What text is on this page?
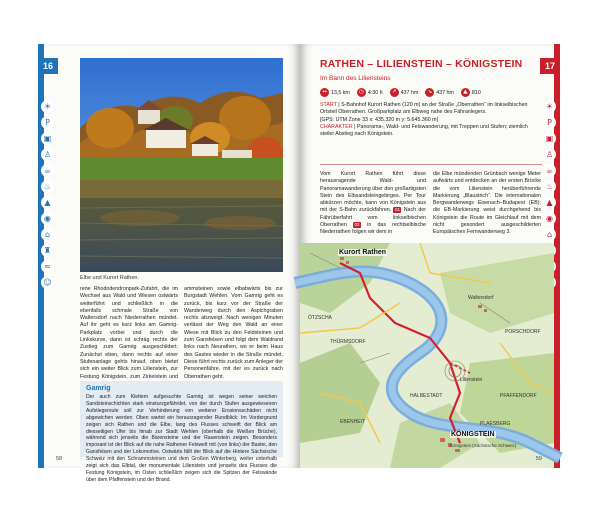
16
☀
P
▣
♙
☕
♨
▲
◉
⌂
♜
≈
☺	Elbe und Kurort Rathen.
rene Rhododendronpark-Zufahrt, die im Wechsel aus Wald und Wiesen ostwärts weiterführt und schließlich in die ebenfalls schmale Straße von Waltersdorf nach Niederrathen mündet. Auf ihr geht es kurz links am Gamrig-Parkplatz vorbei und durch die Linkskurve, dann ist schräg rechts der Zustieg zum Gamrig ausgeschildert: Zunächst eben, dann rechts auf einer Stufenanlage gehts hinauf, oben bietet sich ein weiter Blick zum Lilienstein, zur Festung Königstein, zum Zirkelstein und
ammsteinen sowie elbabwärts bis zur Burgstadt Wehlen. Vom Gamrig geht es zurück, bis kurz vor der Straße der Wanderweg durch den Aspichgraben rechts abzweigt. Nach wenigen Minuten verlässt der Weg den Wald an einer Wiese mit Blick zu den Feldsteinen und zum Gansfelsen und folgt dem Waldrand links nach Neurathen, wo er beim Haus des Gastes wieder in die Straße mündet. Diese führt rechts zurück zum Anleger der Personenfähre, mit der es zurück nach Oberrathen geht.
Gamrig
Der auch zum Klettern aufgesuchte Gamrig ist wegen seiner weichen Sandsteinschichten stark einsturzgefährdet, von der durch Stufen ausgewiesenen Aufstiegsroute soll zur Verhinderung von weiterer Erosionsschäden nicht abgewichen werden. Oben wartet ein herausragender Rundblick: Im Vordergrund zeigen sich Rathen und die Elbe, lang des Flusses schweift der Blick am diesseitigen Ufer bis hinab zur Stadt Wehlen (oberhalb die Weißen Brüche), während sich jenseits die Bärensteine und der Rauenstein zeigen. Besonders imposant ist der Blick auf die nahe Rathener Felswelt mit (von links) der Bastei, den Gansfelsen und der Lokomotive. Ostwärts fällt der Blick auf die Hintere Sächsische Schweiz mit den Schrammsteinen und dem Großen Winterberg, weiter unterhalb zeigt sich das Elbtal, der monumentale Lilienstein und jenseits des Flusses die Festung Königstein, im Osten schließlich zeigen sich die Spitzen der Felswände über dem Pfaffenstein und der Brand.
58
17
☀
P
▣
♙
☕
♨
▲
◉
⌂
RATHEN – LILIENSTEIN – KÖNIGSTEIN
Im Bann des Liliensteins
↔ 13,5 km	◷ 4:30 h	↗ 437 hm	↘ 437 hm	▲ 810
START | S-Bahnhof Kurort Rathen (120 m) an der Straße „Oberrathen“ im linkselbischen Ortsteil Oberrathen. Großparkplatz am Elbweg nahe des Fähranlegers.
[GPS: UTM Zone 33 x: 435.320 m y: 5.645.360 m]
CHARAKTER | Panorama-, Wald- und Felswanderung, mit Treppen und Stufen; ziemlich steiler Abstieg nach Königstein.
Vom Kurort Rathen führt diese herausragende Wald- und Panoramawanderung über den großartigsten Stein des Elbsandsteingebirges. Per Tour abkürzen möchte, kann von Königstein aus mit der S-Bahn zurückfahren. 01 Nach der Fährüberfahrt vom linkselbischen Oberrathen 02 in das rechtselbische Niederrathen folgen wir dem in
die Elbe mündenden Grünbach wenige Meter aufwärts und entdecken an der ersten Brücke die vom Lilienstein herüberführende Markierung „Blaustrich“. Die internationalen Bergwanderwegs Eisenach–Budapest (EB); die EB-Markierung weist durchgehend bis Königstein die Route im Gleichlauf mit dem nicht gesondert ausgeschilderten Europäischen Fernwanderweg 3.
Kurort Rathen
Waltersdorf
Lilienstein
KÖNIGSTEIN
PORSCHDORF
THÜRMSDORF
EBENHEIT
HALBESTADT	PFAFFENDORF
PLAESBERG
ÖTZSCHA
Königstein (Sächsische Schweiz)
59
